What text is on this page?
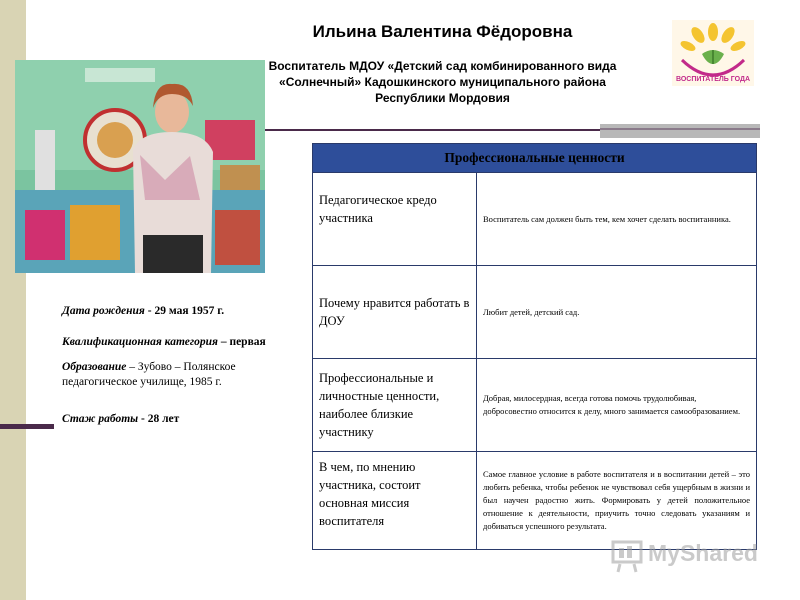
Ильина Валентина Фёдоровна
Воспитатель МДОУ «Детский сад комбинированного вида «Солнечный» Кадошкинского муниципального района Республики Мордовия
ВОСПИТАТЕЛЬ ГОДА

Дата рождения - 29 мая 1957 г.

Квалификационная категория – первая

Образование – Зубово – Полянское педагогическое училище, 1985 г.

Стаж работы - 28 лет

Профессиональные ценности	
Педагогическое кредо участника	Воспитатель сам должен быть тем, кем хочет сделать воспитанника.
Почему нравится работать в ДОУ	Любит детей, детский сад.
Профессиональные и личностные ценности, наиболее близкие участнику	Добрая, милосердная, всегда готова помочь трудолюбивая, добросовестно относится к делу, много занимается самообразованием.
В чем, по мнению участника, состоит основная миссия воспитателя	Самое главное условие в работе воспитателя и в воспитании детей – это любить ребенка, чтобы ребенок не чувствовал себя ущербным в жизни и был научен радостно жить. Формировать у детей положительное отношение к деятельности, приучить точно следовать указаниям и добиваться успешного результата.
MyShared
